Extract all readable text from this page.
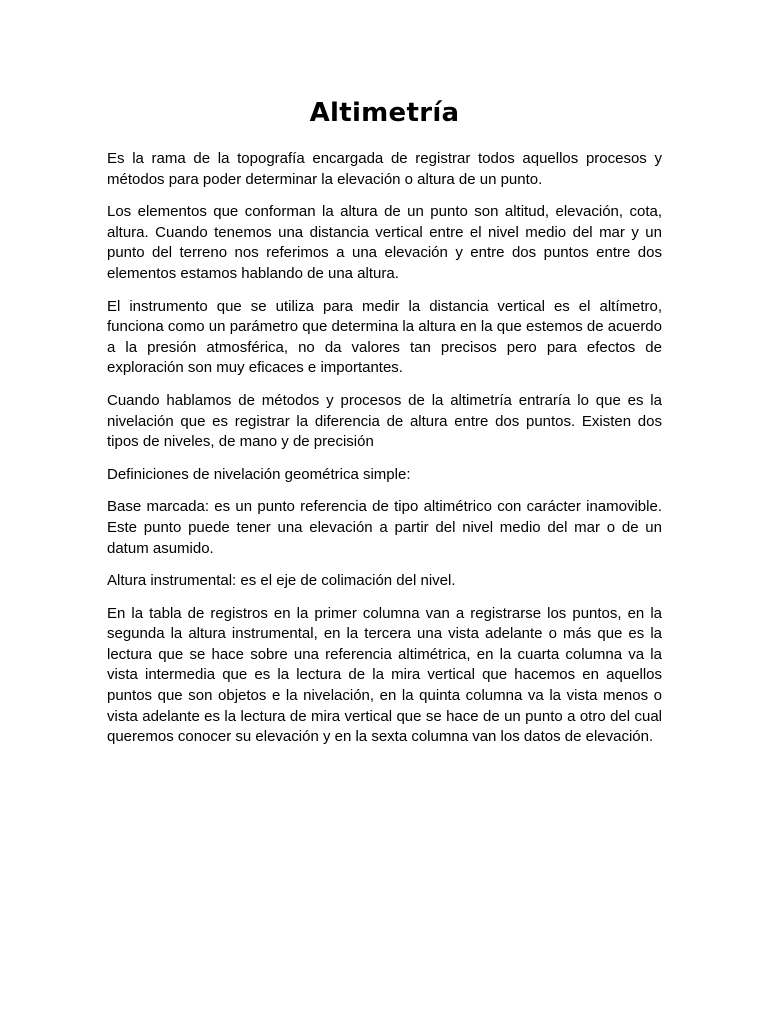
Altimetría

Es la rama de la topografía encargada de registrar todos aquellos procesos y métodos para poder determinar la elevación o altura de un punto.

Los elementos que conforman la altura de un punto son altitud, elevación, cota, altura. Cuando tenemos una distancia vertical entre el nivel medio del mar y un punto del terreno nos referimos a una elevación y entre dos puntos entre dos elementos estamos hablando de una altura.

El instrumento que se utiliza para medir la distancia vertical es el altímetro, funciona como un parámetro que determina la altura en la que estemos de acuerdo a la presión atmosférica, no da valores tan precisos pero para efectos de exploración son muy eficaces e importantes.

Cuando hablamos de métodos y procesos de la altimetría entraría lo que es la nivelación que es registrar la diferencia de altura entre dos puntos. Existen dos tipos de niveles, de mano y de precisión

Definiciones de nivelación geométrica simple:

Base marcada: es un punto referencia de tipo altimétrico con carácter inamovible. Este punto puede tener una elevación a partir del nivel medio del mar o de un datum asumido.

Altura instrumental: es el eje de colimación del nivel.

En la tabla de registros en la primer columna van a registrarse los puntos, en la segunda la altura instrumental, en la tercera una vista adelante o más que es la lectura que se hace sobre una referencia altimétrica, en la cuarta columna va la vista intermedia que es la lectura de la mira vertical que hacemos en aquellos puntos que son objetos e la nivelación, en la quinta columna va la vista menos o vista adelante es la lectura de mira vertical que se hace de un punto a otro del cual queremos conocer su elevación y en la sexta columna van los datos de elevación.
